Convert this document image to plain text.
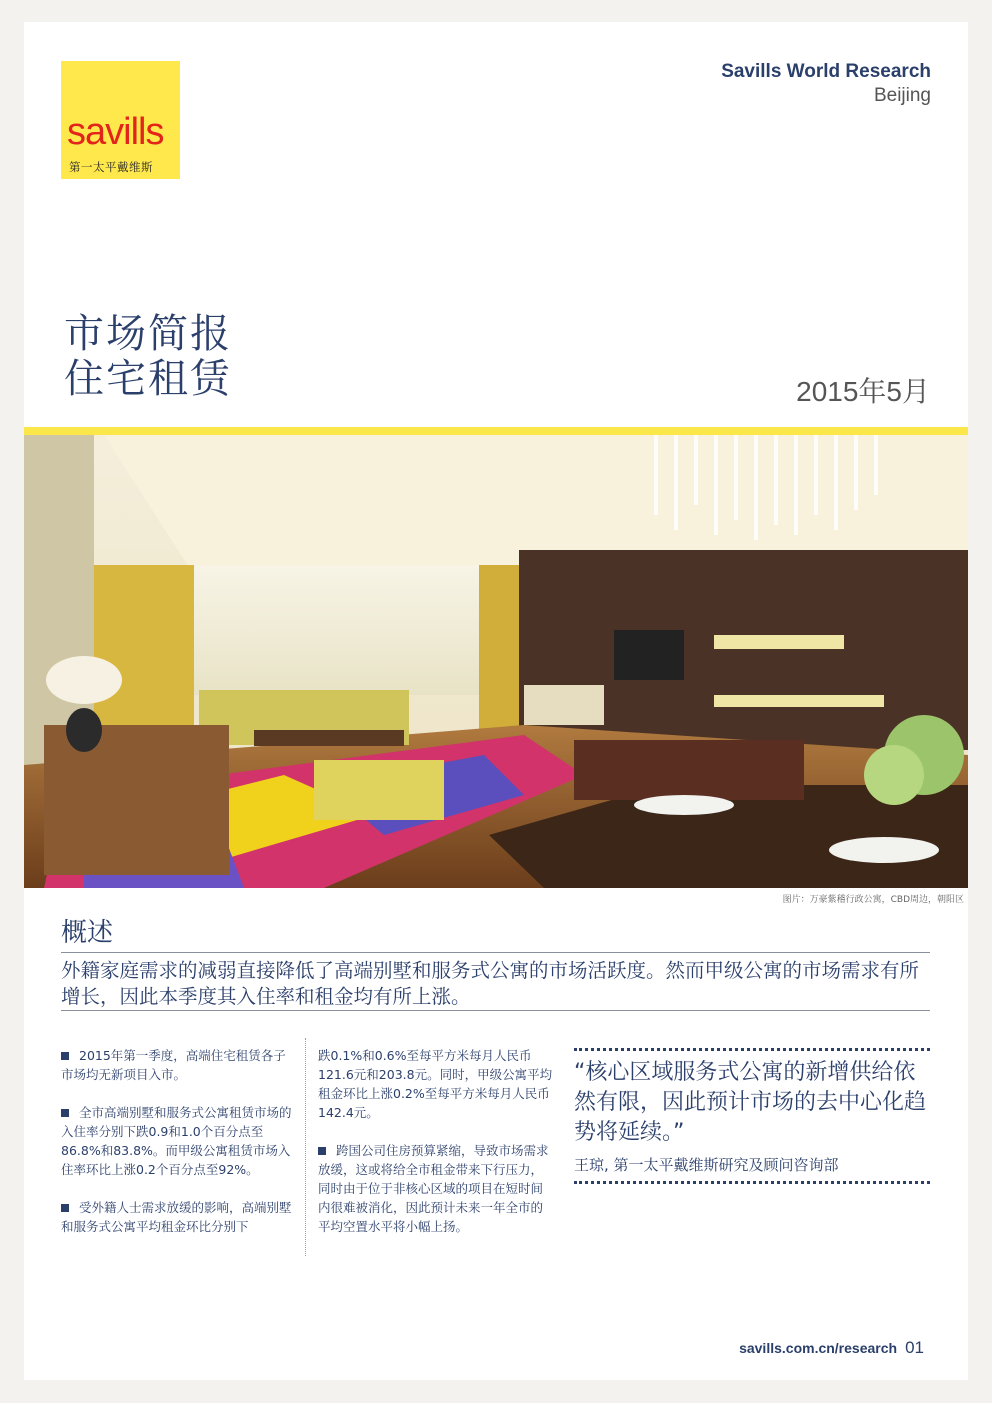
savills
第一太平戴维斯
Savills World Research
Beijing
市场简报
住宅租赁	2015年5月
图片：万豪紫稽行政公寓，CBD周边，朝阳区
概述
外籍家庭需求的减弱直接降低了高端别墅和服务式公寓的市场活跃度。然而甲级公寓的市场需求有所增长，因此本季度其入住率和租金均有所上涨。

2015年第一季度，高端住宅租赁各子市场均无新项目入市。

全市高端别墅和服务式公寓租赁市场的入住率分别下跌0.9和1.0个百分点至86.8%和83.8%。而甲级公寓租赁市场入住率环比上涨0.2个百分点至92%。

受外籍人士需求放缓的影响，高端别墅和服务式公寓平均租金环比分别下

跌0.1%和0.6%至每平方米每月人民币121.6元和203.8元。同时，甲级公寓平均租金环比上涨0.2%至每平方米每月人民币142.4元。

跨国公司住房预算紧缩，导致市场需求放缓，这或将给全市租金带来下行压力，同时由于位于非核心区域的项目在短时间内很难被消化，因此预计未来一年全市的平均空置水平将小幅上扬。

“核心区域服务式公寓的新增供给依然有限，因此预计市场的去中心化趋势将延续。”
王琼, 第一太平戴维斯研究及顾问咨询部
savills.com.cn/research 01
